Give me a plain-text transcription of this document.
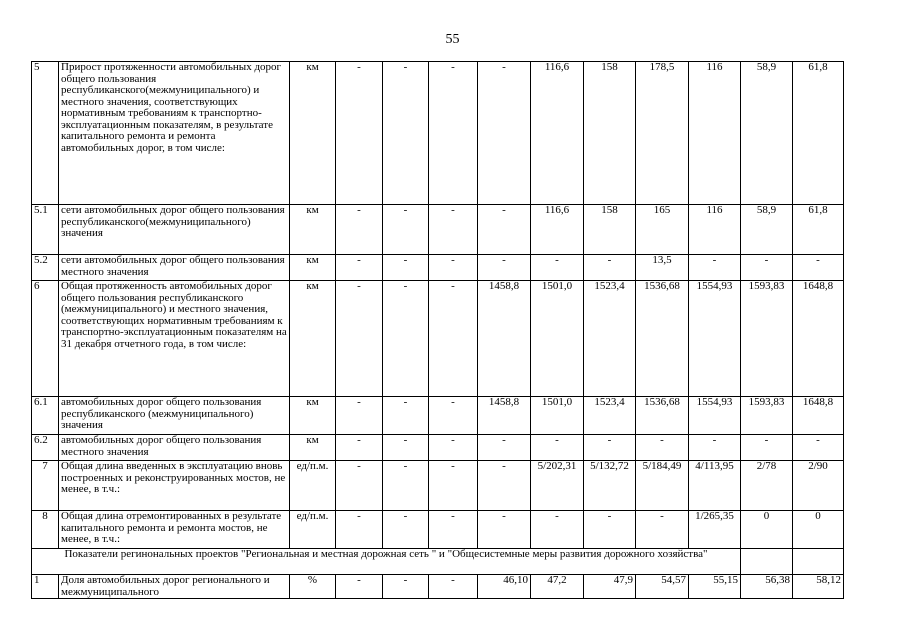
55
5	Прирост протяженности автомобильных дорог общего пользования республиканского(межмуниципального) и местного значения, соответствующих нормативным требованиям к транспортно-эксплуатационным показателям, в результате капитального ремонта и ремонта автомобильных дорог, в том числе:	км	-	-	-	-	116,6	158	178,5	116	58,9	61,8
5.1	сети автомобильных дорог общего пользования республиканского(межмуниципального) значения	км	-	-	-	-	116,6	158	165	116	58,9	61,8
5.2	сети автомобильных дорог общего пользования местного значения	км	-	-	-	-	-	-	13,5	-	-	-
6	Общая протяженность автомобильных дорог общего пользования республиканского (межмуниципального) и местного значения, соответствующих нормативным требованиям к транспортно-эксплуатационным показателям на 31 декабря отчетного года, в том числе:	км	-	-	-	1458,8	1501,0	1523,4	1536,68	1554,93	1593,83	1648,8
6.1	автомобильных дорог общего пользования республиканского (межмуниципального) значения	км	-	-	-	1458,8	1501,0	1523,4	1536,68	1554,93	1593,83	1648,8
6.2	автомобильных дорог общего пользования местного значения	км	-	-	-	-	-	-	-	-	-	-
7	Общая длина введенных в эксплуатацию вновь построенных и реконструированных мостов, не менее, в т.ч.:	ед/п.м.	-	-	-	-	5/202,31	5/132,72	5/184,49	4/113,95	2/78	2/90
8	Общая длина отремонтированных в результате капитального ремонта и ремонта мостов, не менее, в т.ч.:	ед/п.м.	-	-	-	-	-	-	-	1/265,35	0	0
Показатели регинональных проектов "Региональная и местная дорожная сеть " и "Общесистемные меры развития дорожного хозяйства"												
1	Доля автомобильных дорог регионального и межмуниципального	%	-	-	-	46,10	47,2	47,9	54,57	55,15	56,38	58,12
